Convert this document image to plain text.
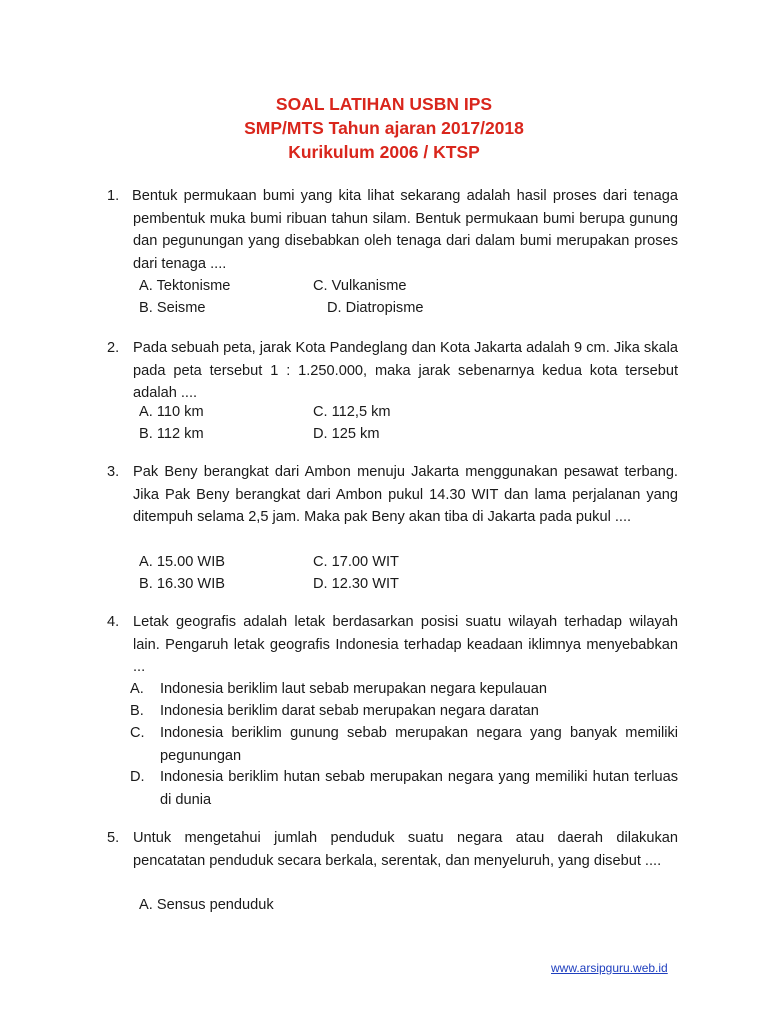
SOAL LATIHAN USBN IPS
SMP/MTS Tahun ajaran 2017/2018
Kurikulum 2006 / KTSP
1. Bentuk permukaan bumi yang kita lihat sekarang adalah hasil proses dari tenaga pembentuk muka bumi ribuan tahun silam. Bentuk permukaan bumi berupa gunung dan pegunungan yang disebabkan oleh tenaga dari dalam bumi merupakan proses dari tenaga ....
A. Tektonisme	C. Vulkanisme
B. Seisme	D. Diatropisme
2. Pada sebuah peta, jarak Kota Pandeglang dan Kota Jakarta adalah 9 cm. Jika skala pada peta tersebut 1 : 1.250.000, maka jarak sebenarnya kedua kota tersebut adalah ....
A. 110 km	C. 112,5 km
B. 112 km	D. 125 km
3. Pak Beny berangkat dari Ambon menuju Jakarta menggunakan pesawat terbang. Jika Pak Beny berangkat dari Ambon pukul 14.30 WIT dan lama perjalanan yang ditempuh selama 2,5 jam. Maka pak Beny akan tiba di Jakarta pada pukul ....
A. 15.00 WIB	C. 17.00 WIT
B. 16.30 WIB	D. 12.30 WIT
4. Letak geografis adalah letak berdasarkan posisi suatu wilayah terhadap wilayah lain. Pengaruh letak geografis Indonesia terhadap keadaan iklimnya menyebabkan ...
A. Indonesia beriklim laut sebab merupakan negara kepulauan
B. Indonesia beriklim darat sebab merupakan negara daratan
C. Indonesia beriklim gunung sebab merupakan negara yang banyak memiliki pegunungan
D. Indonesia beriklim hutan sebab merupakan negara yang memiliki hutan terluas di dunia
5. Untuk mengetahui jumlah penduduk suatu negara atau daerah dilakukan pencatatan penduduk secara berkala, serentak, dan menyeluruh, yang disebut ....
A. Sensus penduduk
www.arsipguru.web.id
